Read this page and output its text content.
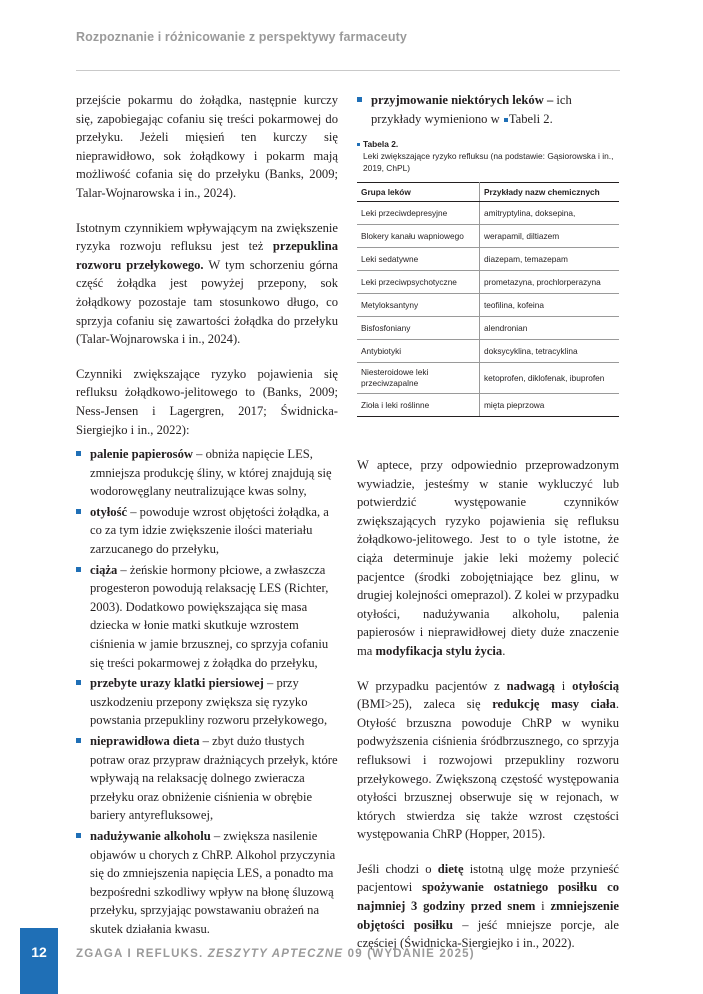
Rozpoznanie i różnicowanie z perspektywy farmaceuty

przejście pokarmu do żołądka, następnie kurczy się, zapobiegając cofaniu się treści pokarmowej do przełyku. Jeżeli mięsień ten kurczy się nieprawidłowo, sok żołądkowy i pokarm mają możliwość cofania się do przełyku (Banks, 2009; Talar-Wojnarowska i in., 2024).

Istotnym czynnikiem wpływającym na zwiększenie ryzyka rozwoju refluksu jest też przepuklina rozworu przełykowego. W tym schorzeniu górna część żołądka jest powyżej przepony, sok żołądkowy pozostaje tam stosunkowo długo, co sprzyja cofaniu się zawartości żołądka do przełyku (Talar-Wojnarowska i in., 2024).

Czynniki zwiększające ryzyko pojawienia się refluksu żołądkowo-jelitowego to (Banks, 2009; Ness-Jensen i Lagergren, 2017; Świdnicka-Siergiejko i in., 2022):

palenie papierosów – obniża napięcie LES, zmniejsza produkcję śliny, w której znajdują się wodorowęglany neutralizujące kwas solny,
otyłość – powoduje wzrost objętości żołądka, a co za tym idzie zwiększenie ilości materiału zarzucanego do przełyku,
ciąża – żeńskie hormony płciowe, a zwłaszcza progesteron powodują relaksację LES (Richter, 2003). Dodatkowo powiększająca się masa dziecka w łonie matki skutkuje wzrostem ciśnienia w jamie brzusznej, co sprzyja cofaniu się treści pokarmowej z żołądka do przełyku,
przebyte urazy klatki piersiowej – przy uszkodzeniu przepony zwiększa się ryzyko powstania przepukliny rozworu przełykowego,
nieprawidłowa dieta – zbyt dużo tłustych potraw oraz przypraw drażniących przełyk, które wpływają na relaksację dolnego zwieracza przełyku oraz obniżenie ciśnienia w obrębie bariery antyrefluksowej,
nadużywanie alkoholu – zwiększa nasilenie objawów u chorych z ChRP. Alkohol przyczynia się do zmniejszenia napięcia LES, a ponadto ma bezpośredni szkodliwy wpływ na błonę śluzową przełyku, sprzyjając powstawaniu obrażeń na skutek działania kwasu.
przyjmowanie niektórych leków – ich przykłady wymieniono w Tabeli 2.
Tabela 2.
Leki zwiększające ryzyko refluksu (na podstawie: Gąsiorowska i in., 2019, ChPL)
Grupa leków	Przykłady nazw chemicznych
Leki przeciwdepresyjne	amitryptylina, doksepina,
Blokery kanału wapniowego	werapamil, diltiazem
Leki sedatywne	diazepam, temazepam
Leki przeciwpsychotyczne	prometazyna, prochlorperazyna
Metyloksantyny	teofilina, kofeina
Bisfosfoniany	alendronian
Antybiotyki	doksycyklina, tetracyklina
Niesteroidowe leki przeciwzapalne	ketoprofen, diklofenak, ibuprofen
Zioła i leki roślinne	mięta pieprzowa

W aptece, przy odpowiednio przeprowadzonym wywiadzie, jesteśmy w stanie wykluczyć lub potwierdzić występowanie czynników zwiększających ryzyko pojawienia się refluksu żołądkowo-jelitowego. Jest to o tyle istotne, że ciąża determinuje jakie leki możemy polecić pacjentce (środki zobojętniające bez glinu, w drugiej kolejności omeprazol). Z kolei w przypadku otyłości, nadużywania alkoholu, palenia papierosów i nieprawidłowej diety duże znaczenie ma modyfikacja stylu życia.

W przypadku pacjentów z nadwagą i otyłością (BMI>25), zaleca się redukcję masy ciała. Otyłość brzuszna powoduje ChRP w wyniku podwyższenia ciśnienia śródbrzusznego, co sprzyja refluksowi i rozwojowi przepukliny rozworu przełykowego. Zwiększoną częstość występowania otyłości brzusznej obserwuje się w rejonach, w których stwierdza się także wzrost częstości występowania ChRP (Hopper, 2015).

Jeśli chodzi o dietę istotną ulgę może przynieść pacjentowi spożywanie ostatniego posiłku co najmniej 3 godziny przed snem i zmniejszenie objętości posiłku – jeść mniejsze porcje, ale częściej (Świdnicka-Siergiejko i in., 2022).

12	ZGAGA I REFLUKS. ZESZYTY APTECZNE 09 (WYDANIE 2025)
